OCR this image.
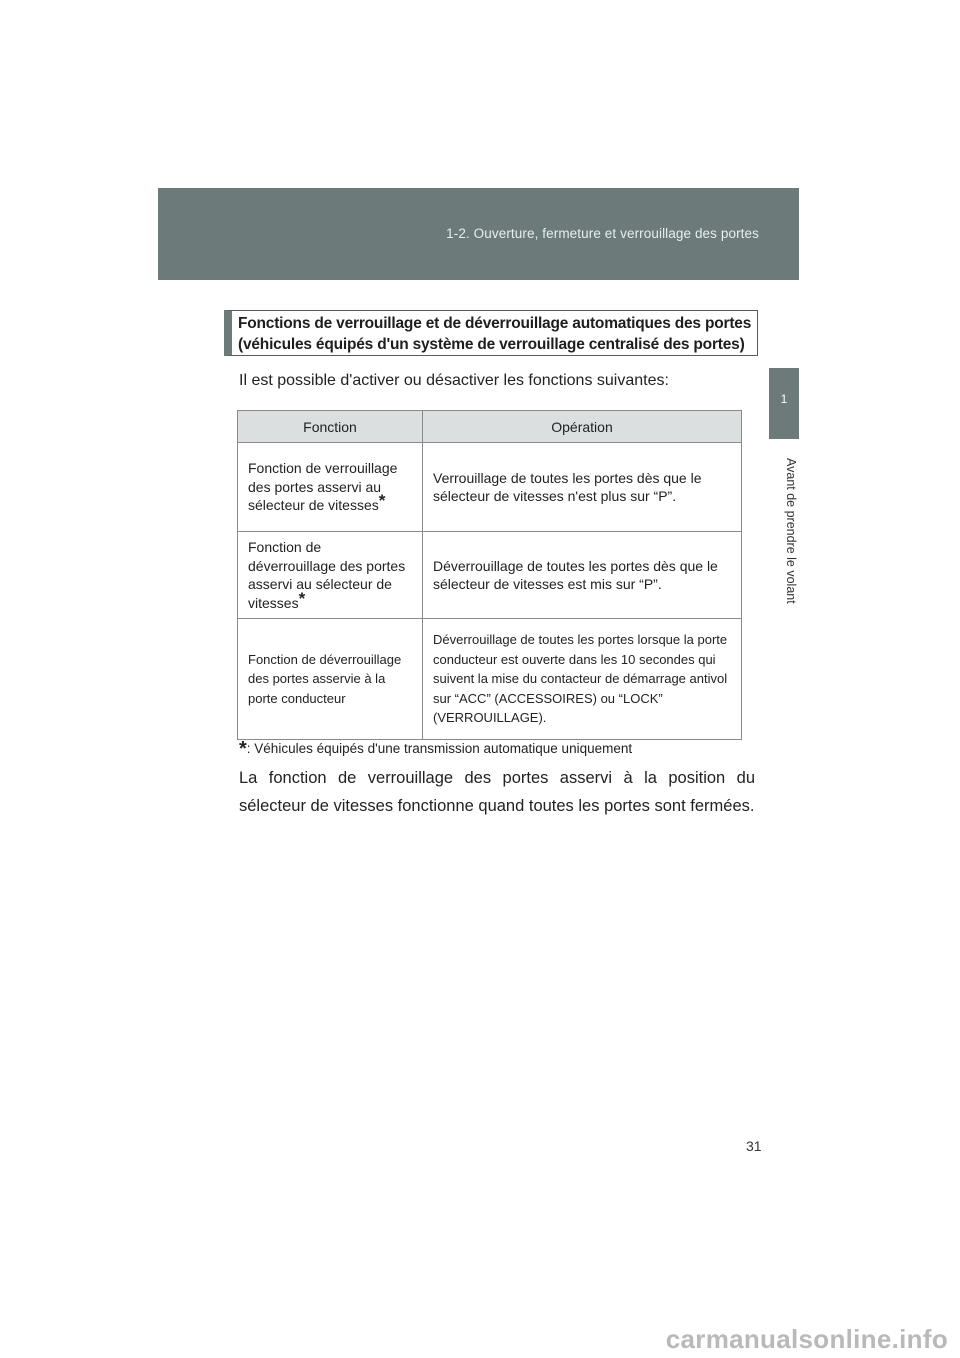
1-2. Ouverture, fermeture et verrouillage des portes
1
Avant de prendre le volant
Fonctions de verrouillage et de déverrouillage automatiques des portes
(véhicules équipés d'un système de verrouillage centralisé des portes)
Il est possible d'activer ou désactiver les fonctions suivantes:
Fonction	Opération
Fonction de verrouillage des portes asservi au sélecteur de vitesses*	Verrouillage de toutes les portes dès que le sélecteur de vitesses n'est plus sur “P”.
Fonction de déverrouillage des portes asservi au sélecteur de vitesses*	Déverrouillage de toutes les portes dès que le sélecteur de vitesses est mis sur “P”.
Fonction de déverrouillage des portes asservie à la porte conducteur	Déverrouillage de toutes les portes lorsque la porte conducteur est ouverte dans les 10 secondes qui suivent la mise du contacteur de démarrage antivol sur “ACC” (ACCESSOIRES) ou “LOCK” (VERROUILLAGE).
*: Véhicules équipés d'une transmission automatique uniquement

La fonction de verrouillage des portes asservi à la position du sélecteur de vitesses fonctionne quand toutes les portes sont fermées.

31
carmanualsonline.info
